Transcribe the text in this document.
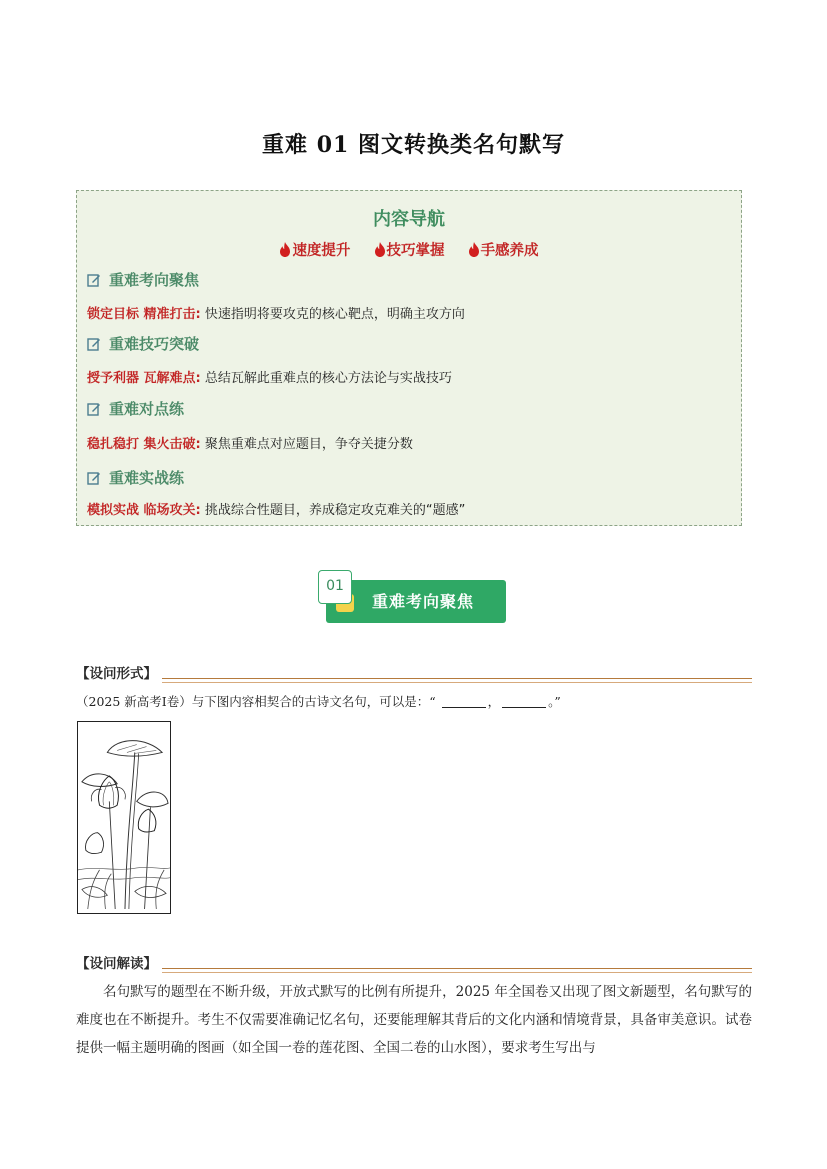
重难 01 图文转换类名句默写
内容导航
速度提升 技巧掌握 手感养成
重难考向聚焦
锁定目标 精准打击: 快速指明将要攻克的核心靶点，明确主攻方向
重难技巧突破
授予利器 瓦解难点: 总结瓦解此重难点的核心方法论与实战技巧
重难对点练
稳扎稳打 集火击破: 聚焦重难点对应题目，争夺关捷分数
重难实战练
模拟实战 临场攻关: 挑战综合性题目，养成稳定攻克难关的“题感”
01
重难考向聚焦
【设问形式】
（2025 新高考I卷）与下图内容相契合的古诗文名句，可以是：“	，	。”
【设问解读】

名句默写的题型在不断升级，开放式默写的比例有所提升，2025 年全国卷又出现了图文新题型，名句默写的难度也在不断提升。考生不仅需要准确记忆名句，还要能理解其背后的文化内涵和情境背景，具备审美意识。试卷提供一幅主题明确的图画（如全国一卷的莲花图、全国二卷的山水图），要求考生写出与
